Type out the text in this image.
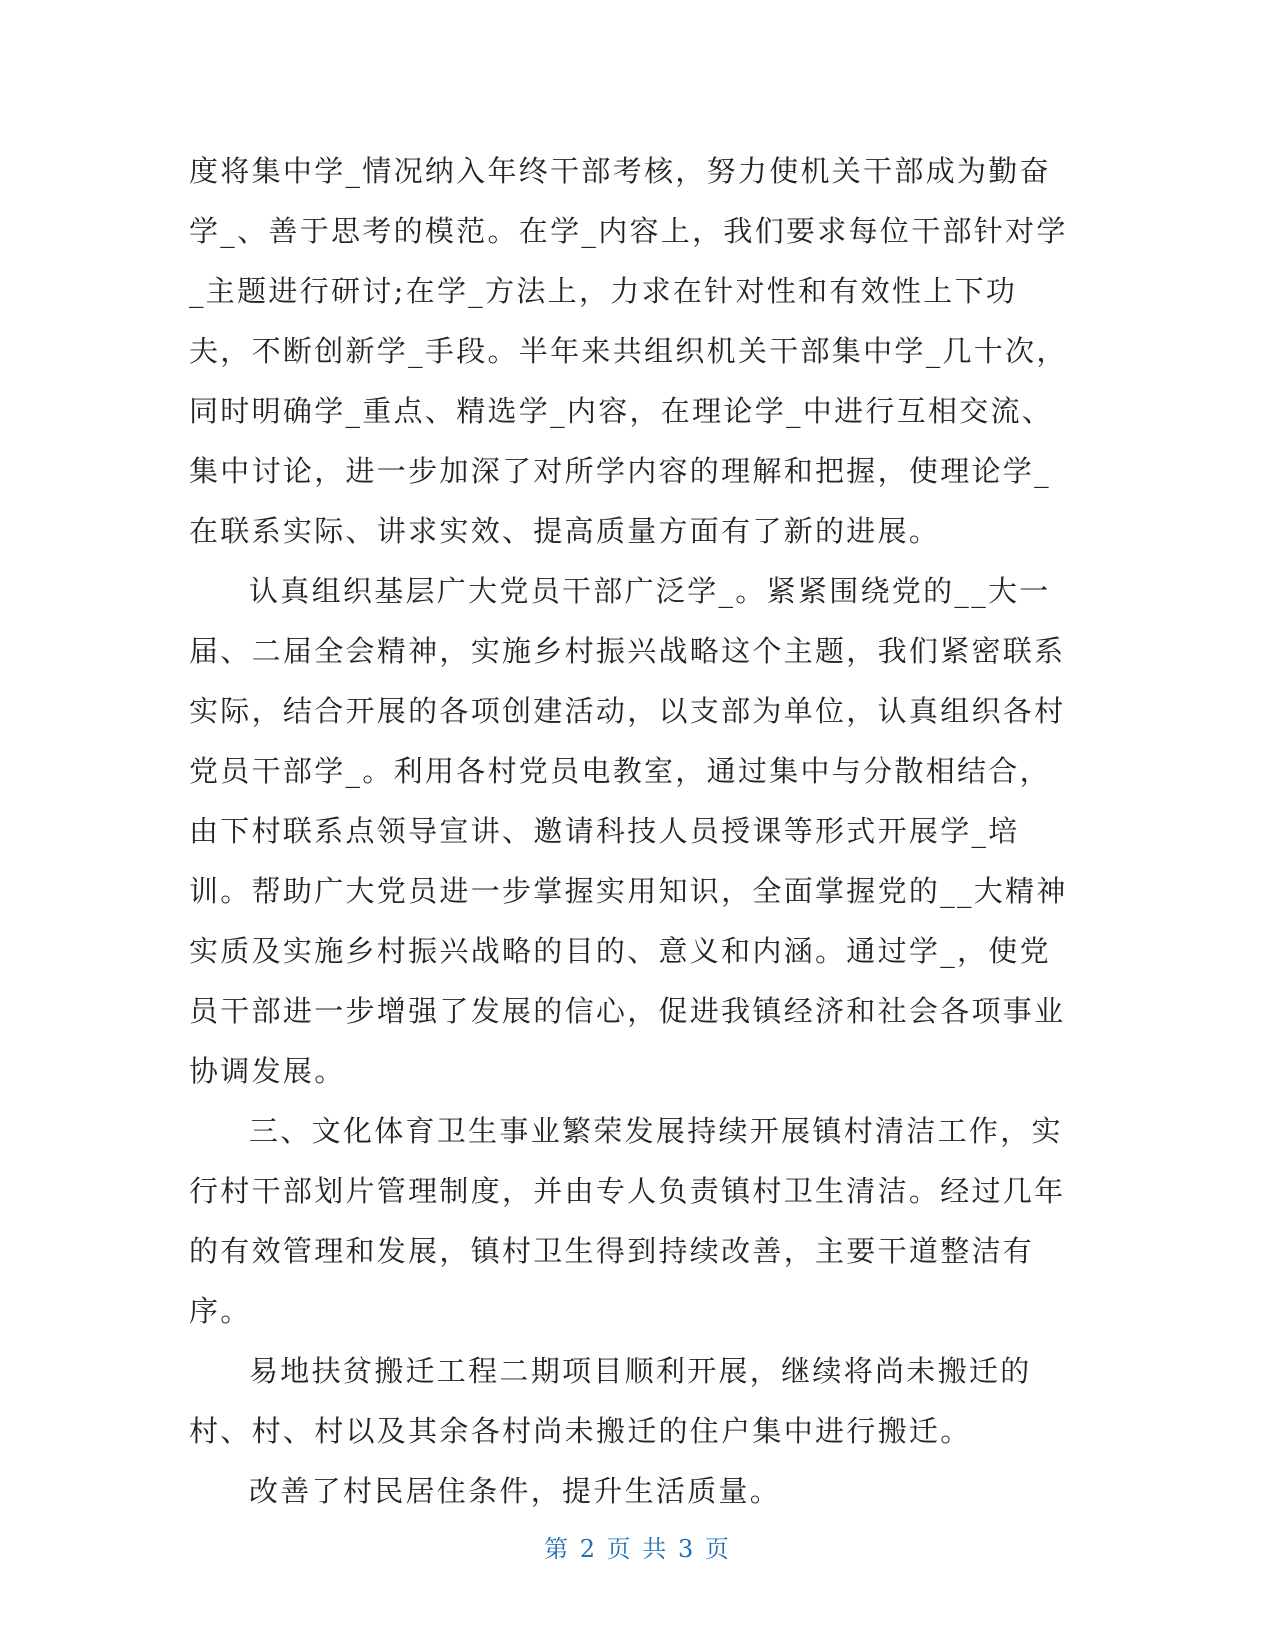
度将集中学_情况纳入年终干部考核，努力使机关干部成为勤奋学_、善于思考的模范。在学_内容上，我们要求每位干部针对学_主题进行研讨;在学_方法上，力求在针对性和有效性上下功夫，不断创新学_手段。半年来共组织机关干部集中学_几十次，同时明确学_重点、精选学_内容，在理论学_中进行互相交流、集中讨论，进一步加深了对所学内容的理解和把握，使理论学_在联系实际、讲求实效、提高质量方面有了新的进展。

认真组织基层广大党员干部广泛学_。紧紧围绕党的__大一届、二届全会精神，实施乡村振兴战略这个主题，我们紧密联系实际，结合开展的各项创建活动，以支部为单位，认真组织各村党员干部学_。利用各村党员电教室，通过集中与分散相结合，由下村联系点领导宣讲、邀请科技人员授课等形式开展学_培训。帮助广大党员进一步掌握实用知识，全面掌握党的__大精神实质及实施乡村振兴战略的目的、意义和内涵。通过学_，使党员干部进一步增强了发展的信心，促进我镇经济和社会各项事业协调发展。

三、文化体育卫生事业繁荣发展持续开展镇村清洁工作，实行村干部划片管理制度，并由专人负责镇村卫生清洁。经过几年的有效管理和发展，镇村卫生得到持续改善，主要干道整洁有序。

易地扶贫搬迁工程二期项目顺利开展，继续将尚未搬迁的村、村、村以及其余各村尚未搬迁的住户集中进行搬迁。

改善了村民居住条件，提升生活质量。

第 2 页 共 3 页
